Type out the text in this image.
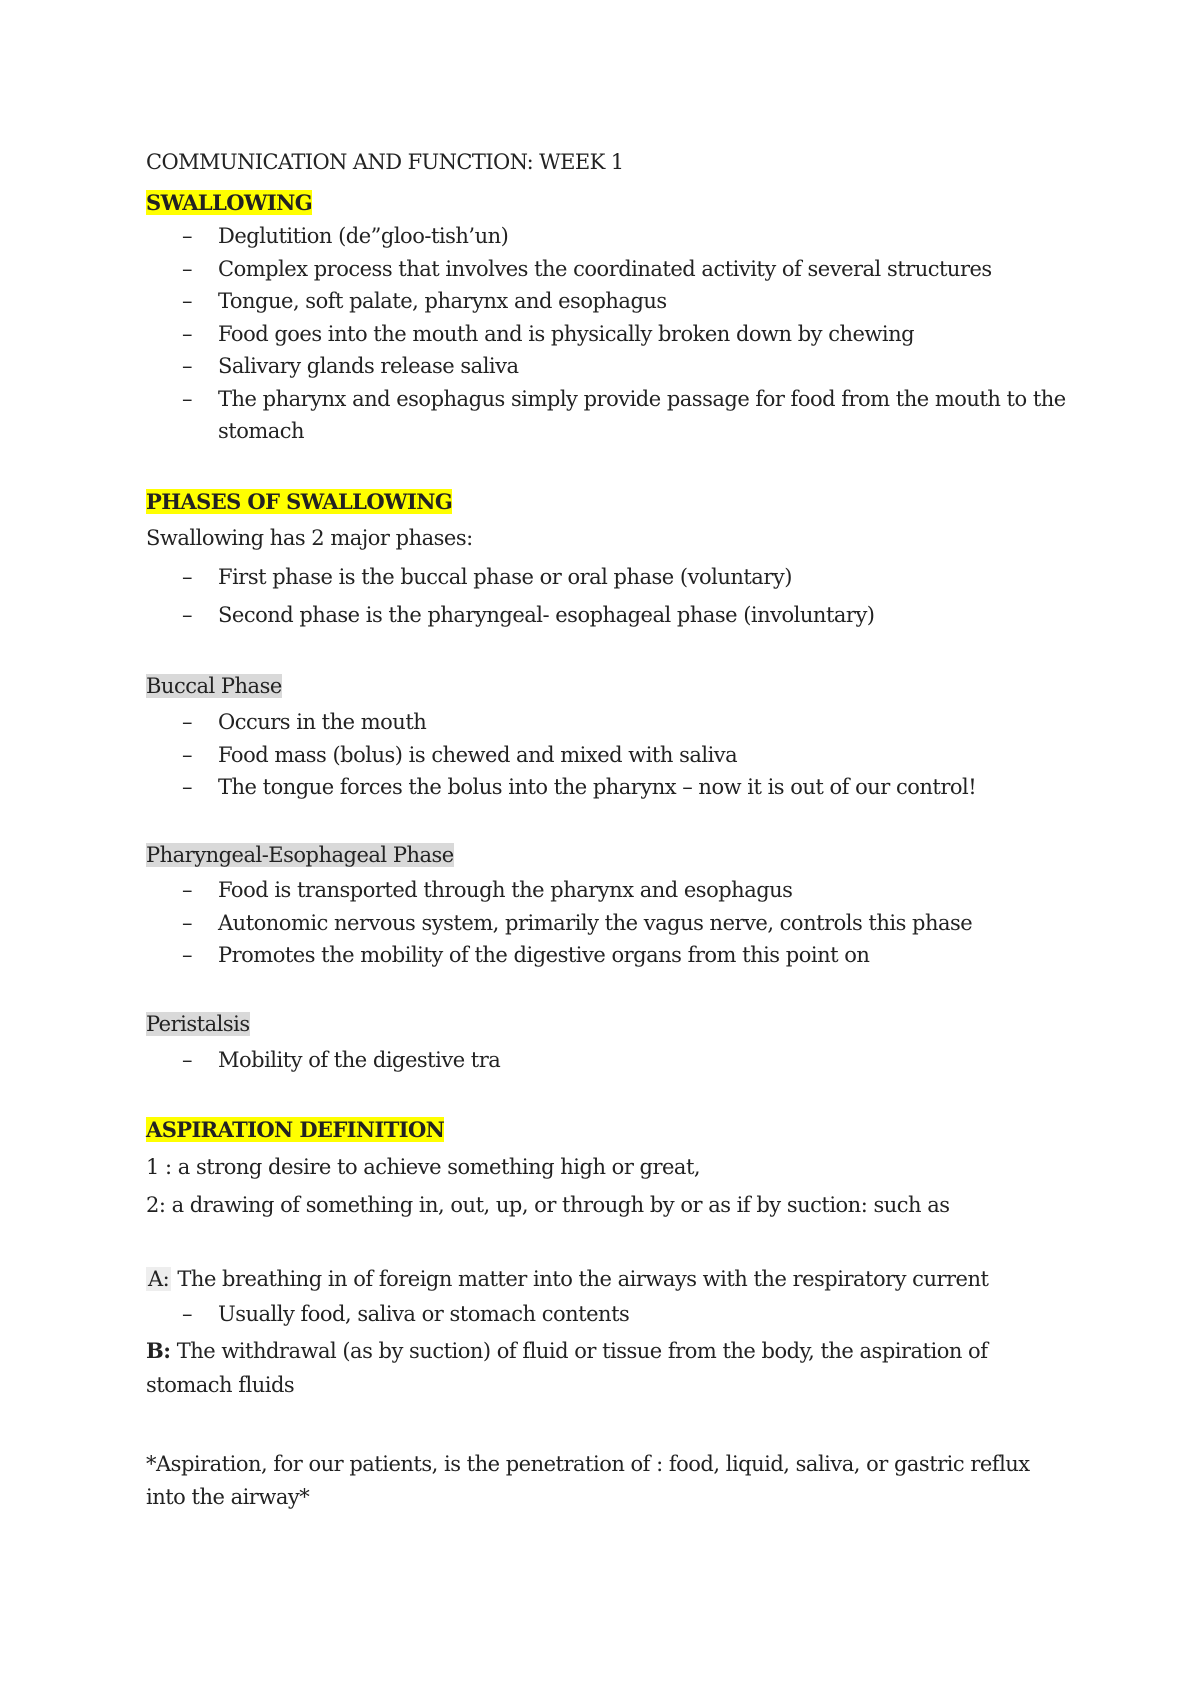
COMMUNICATION AND FUNCTION: WEEK 1

SWALLOWING

– Deglutition (de”gloo-tish’un)
– Complex process that involves the coordinated activity of several structures
– Tongue, soft palate, pharynx and esophagus
– Food goes into the mouth and is physically broken down by chewing
– Salivary glands release saliva
– The pharynx and esophagus simply provide passage for food from the mouth to the stomach

PHASES OF SWALLOWING

Swallowing has 2 major phases:

– First phase is the buccal phase or oral phase (voluntary)
– Second phase is the pharyngeal- esophageal phase (involuntary)

Buccal Phase

– Occurs in the mouth
– Food mass (bolus) is chewed and mixed with saliva
– The tongue forces the bolus into the pharynx – now it is out of our control!

Pharyngeal-Esophageal Phase

– Food is transported through the pharynx and esophagus
– Autonomic nervous system, primarily the vagus nerve, controls this phase
– Promotes the mobility of the digestive organs from this point on

Peristalsis

– Mobility of the digestive tra

ASPIRATION DEFINITION

1 : a strong desire to achieve something high or great,

2: a drawing of something in, out, up, or through by or as if by suction: such as

A: The breathing in of foreign matter into the airways with the respiratory current

– Usually food, saliva or stomach contents

B: The withdrawal (as by suction) of fluid or tissue from the body, the aspiration of stomach fluids

*Aspiration, for our patients, is the penetration of : food, liquid, saliva, or gastric reflux into the airway*
